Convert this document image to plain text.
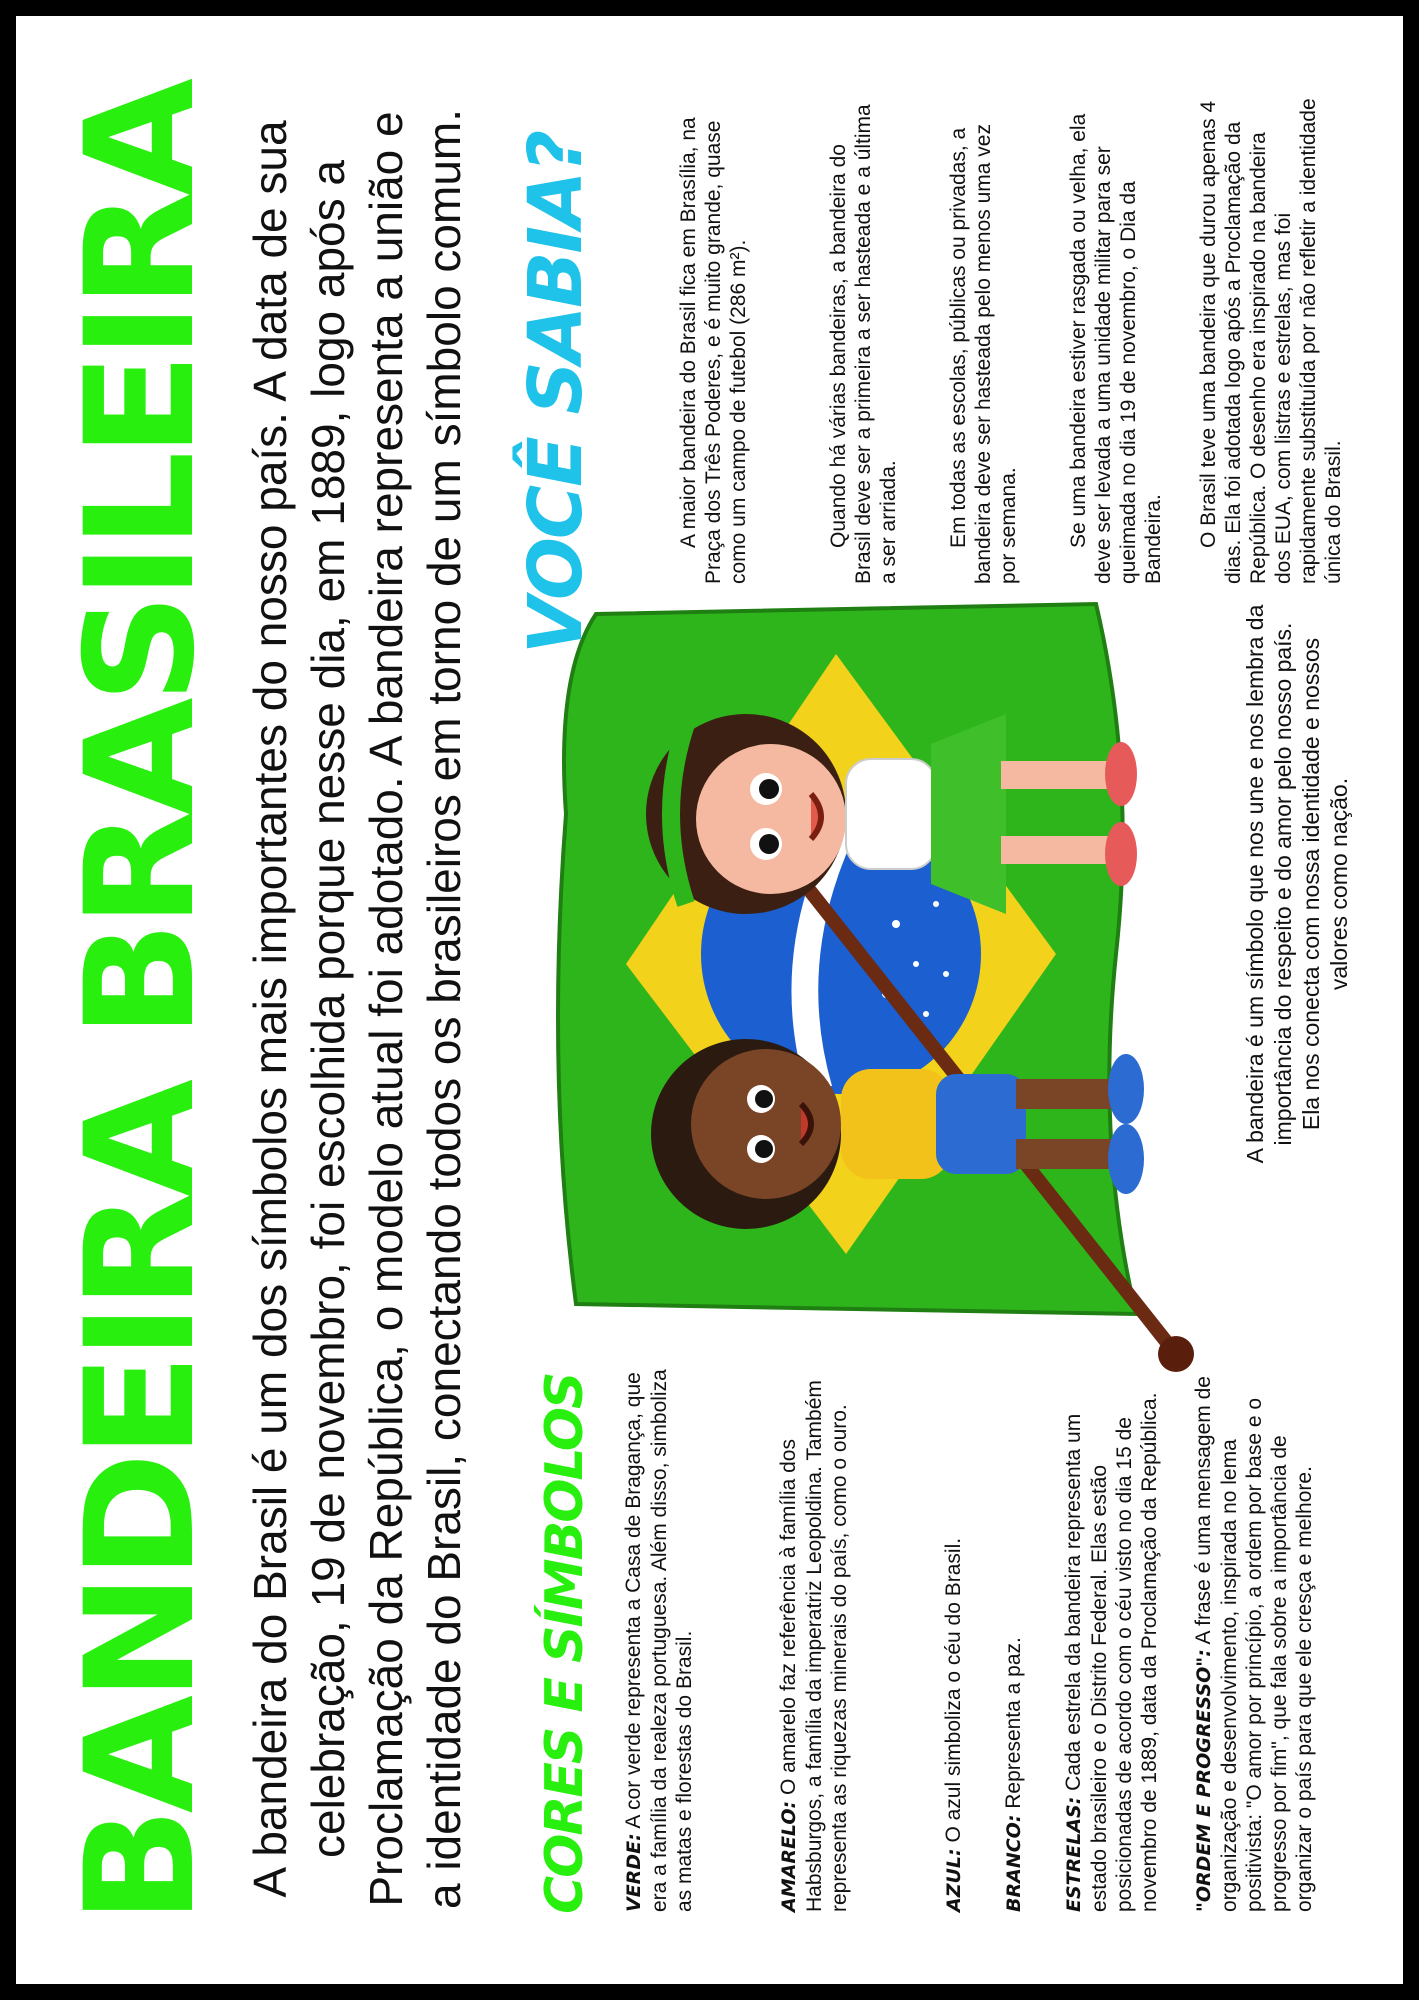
BANDEIRA BRASILEIRA A bandeira do Brasil é um dos símbolos mais importantes do nosso país. A data de sua celebração, 19 de novembro, foi escolhida porque nesse dia, em 1889, logo após a Proclamação da República, o modelo atual foi adotado. A bandeira representa a união e a identidade do Brasil, conectando todos os brasileiros em torno de um símbolo comum. CORES E SÍMBOLOS VERDE: A cor verde representa a Casa de Bragança, que era a família da realeza portuguesa. Além disso, simboliza as matas e florestas do Brasil.	AMARELO: O amarelo faz referência à família dos Habsburgos, a família da imperatriz Leopoldina. Também representa as riquezas minerais do país, como o ouro.	AZUL: O azul simboliza o céu do Brasil.
BRANCO: Representa a paz.
ESTRELAS: Cada estrela da bandeira representa um estado brasileiro e o Distrito Federal. Elas estão posicionadas de acordo com o céu visto no dia 15 de novembro de 1889, data da Proclamação da República. "ORDEM E PROGRESSO": A frase é uma mensagem de organização e desenvolvimento, inspirada no lema positivista: "O amor por princípio, a ordem por base e o progresso por fim", que fala sobre a importância de organizar o país para que ele cresça e melhore.
A bandeira é um símbolo que nos une e nos lembra da importância do respeito e do amor pelo nosso país. Ela nos conecta com nossa identidade e nossos valores como nação.
VOCÊ SABIA?	A maior bandeira do Brasil fica em Brasília, na Praça dos Três Poderes, e é muito grande, quase como um campo de futebol (286 m²).	Quando há várias bandeiras, a bandeira do Brasil deve ser a primeira a ser hasteada e a última a ser arriada. Em todas as escolas, públicas ou privadas, a bandeira deve ser hasteada pelo menos uma vez por semana. Se uma bandeira estiver rasgada ou velha, ela deve ser levada a uma unidade militar para ser queimada no dia 19 de novembro, o Dia da Bandeira. O Brasil teve uma bandeira que durou apenas 4 dias. Ela foi adotada logo após a Proclamação da República. O desenho era inspirado na bandeira dos EUA, com listras e estrelas, mas foi rapidamente substituída por não refletir a identidade única do Brasil.
